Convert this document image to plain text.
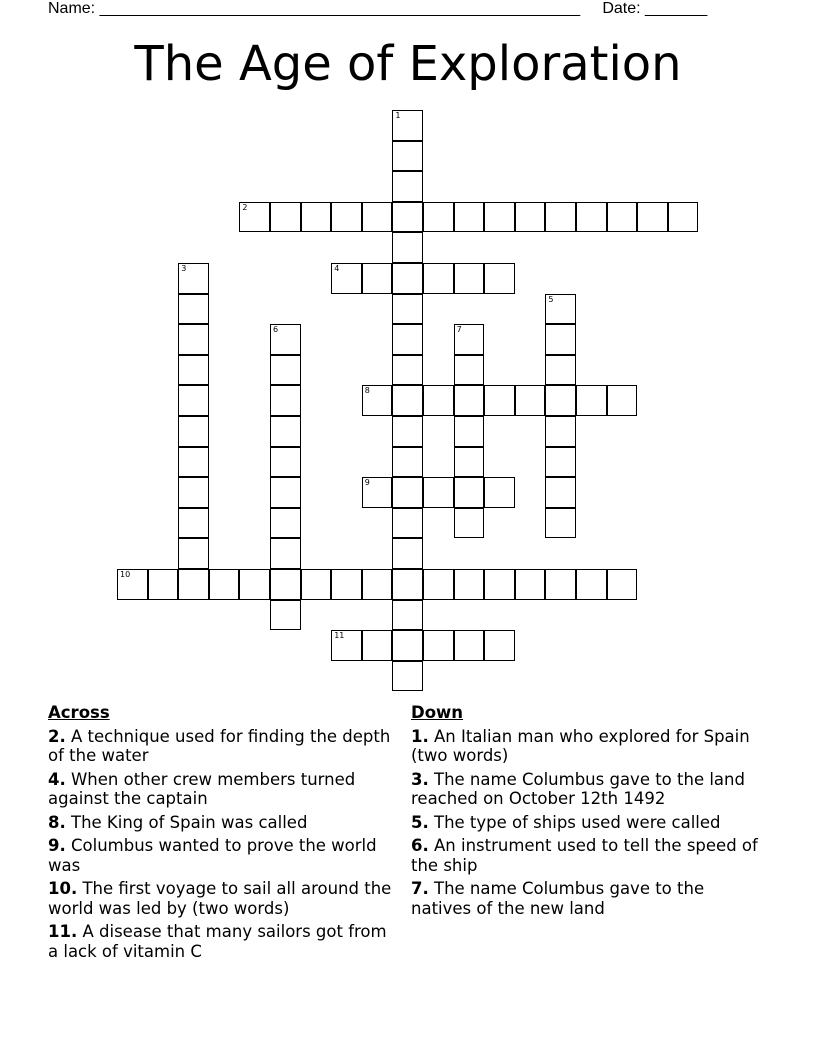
Name: ______________________________________________________ Date: _______
The Age of Exploration
1
2
3	4
5
6	7
8
9
10
11
Across
2. A technique used for finding the depth of the water
4. When other crew members turned against the captain
8. The King of Spain was called
9. Columbus wanted to prove the world was
10. The first voyage to sail all around the world was led by (two words)
11. A disease that many sailors got from a lack of vitamin C
Down
1. An Italian man who explored for Spain (two words)
3. The name Columbus gave to the land reached on October 12th 1492
5. The type of ships used were called
6. An instrument used to tell the speed of the ship
7. The name Columbus gave to the natives of the new land
